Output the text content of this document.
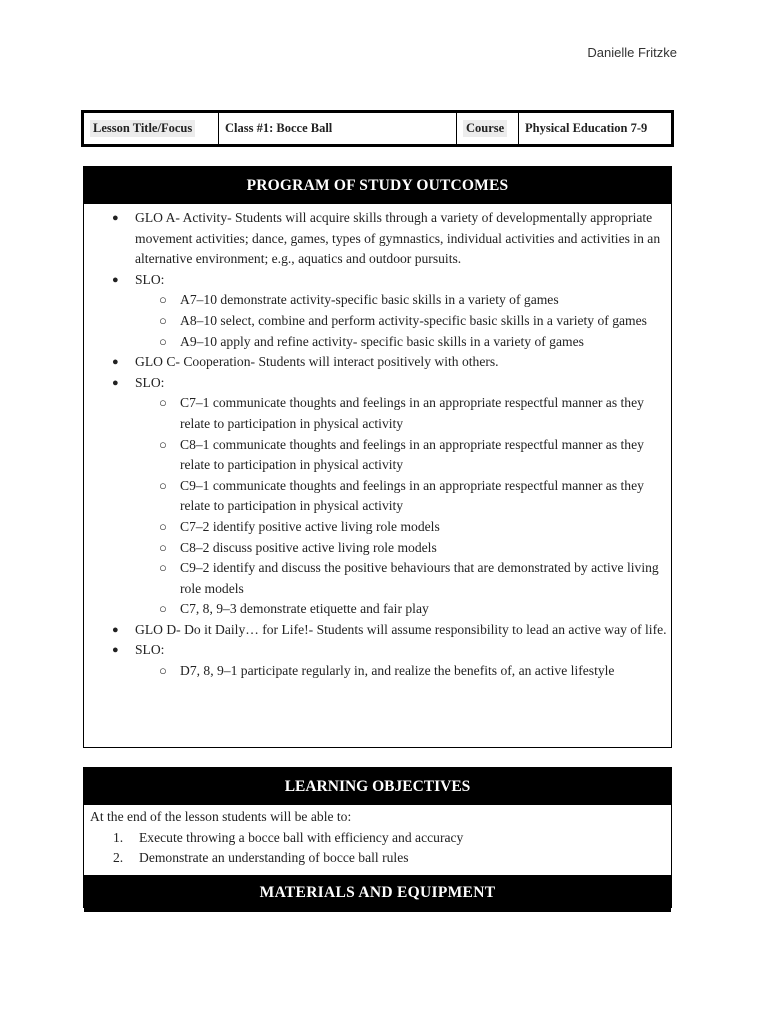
Danielle Fritzke
Lesson Title/Focus	Class #1: Bocce Ball	Course Physical Education 7-9
PROGRAM OF STUDY OUTCOMES
● GLO A- Activity- Students will acquire skills through a variety of developmentally appropriate movement activities; dance, games, types of gymnastics, individual activities and activities in an alternative environment; e.g., aquatics and outdoor pursuits.
● SLO:
○ A7–10 demonstrate activity-specific basic skills in a variety of games
○ A8–10 select, combine and perform activity-specific basic skills in a variety of games
○ A9–10 apply and refine activity- specific basic skills in a variety of games
● GLO C- Cooperation- Students will interact positively with others.
● SLO:
○ C7–1 communicate thoughts and feelings in an appropriate respectful manner as they relate to participation in physical activity
○ C8–1 communicate thoughts and feelings in an appropriate respectful manner as they relate to participation in physical activity
○ C9–1 communicate thoughts and feelings in an appropriate respectful manner as they relate to participation in physical activity
○ C7–2 identify positive active living role models
○ C8–2 discuss positive active living role models
○ C9–2 identify and discuss the positive behaviours that are demonstrated by active living role models
○ C7, 8, 9–3 demonstrate etiquette and fair play
● GLO D- Do it Daily… for Life!- Students will assume responsibility to lead an active way of life.
● SLO:
○ D7, 8, 9–1 participate regularly in, and realize the benefits of, an active lifestyle
LEARNING OBJECTIVES
At the end of the lesson students will be able to:
1. Execute throwing a bocce ball with efficiency and accuracy
2. Demonstrate an understanding of bocce ball rules
MATERIALS AND EQUIPMENT
